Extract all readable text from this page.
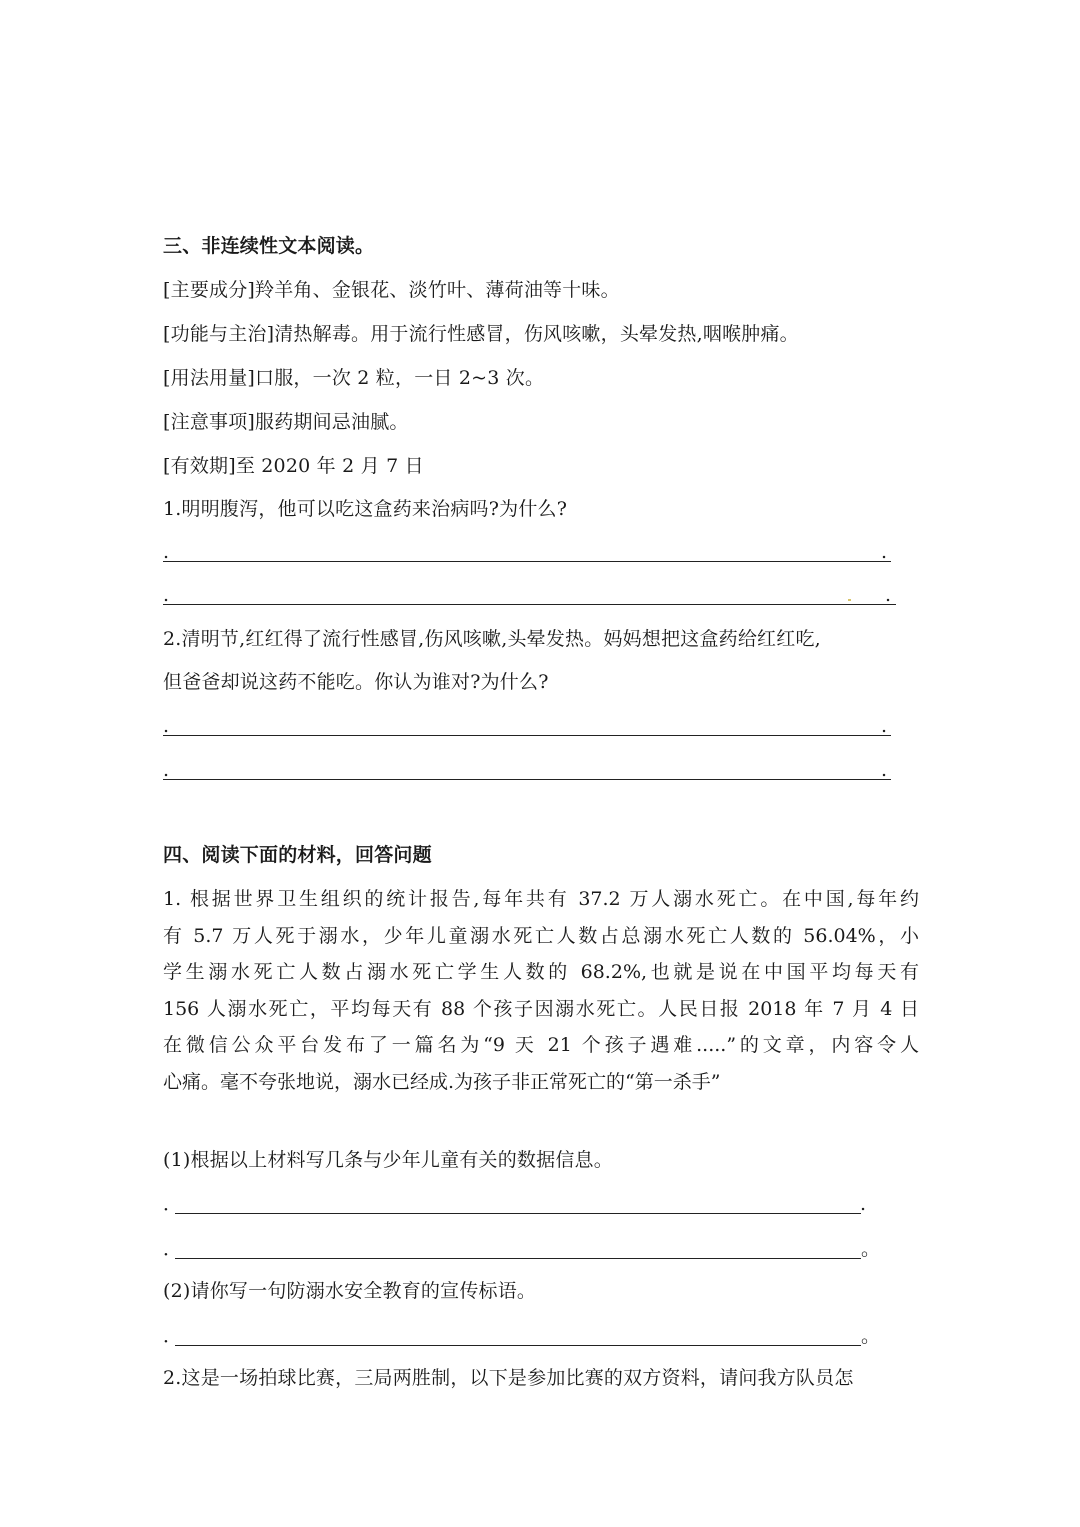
三、非连续性文本阅读。
[主要成分]羚羊角、金银花、淡竹叶、薄荷油等十味。
[功能与主治]清热解毒。用于流行性感冒，伤风咳嗽，头晕发热,咽喉肿痛。
[用法用量]口服，一次 2 粒，一日 2~3 次。
[注意事项]服药期间忌油腻。
[有效期]至 2020 年 2 月 7 日
1.明明腹泻，他可以吃这盒药来治病吗?为什么?
.	.
.	.
2.清明节,红红得了流行性感冒,伤风咳嗽,头晕发热。妈妈想把这盒药给红红吃,
但爸爸却说这药不能吃。你认为谁对?为什么?
.	.
.	.
四、阅读下面的材料，回答问题
1. 根据世界卫生组织的统计报告,每年共有 37.2 万人溺水死亡。在中国,每年约
有 5.7 万人死于溺水，少年儿童溺水死亡人数占总溺水死亡人数的 56.04%，小
学生溺水死亡人数占溺水死亡学生人数的 68.2%,也就是说在中国平均每天有
156 人溺水死亡，平均每天有 88 个孩子因溺水死亡。人民日报 2018 年 7 月 4 日
在微信公众平台发布了一篇名为“9 天 21 个孩子遇难.....”的文章，内容令人
心痛。毫不夸张地说，溺水已经成.为孩子非正常死亡的“第一杀手”
(1)根据以上材料写几条与少年儿童有关的数据信息。
．	.
．	。
(2)请你写一句防溺水安全教育的宣传标语。
．	。
2.这是一场拍球比赛，三局两胜制，以下是参加比赛的双方资料，请问我方队员怎
